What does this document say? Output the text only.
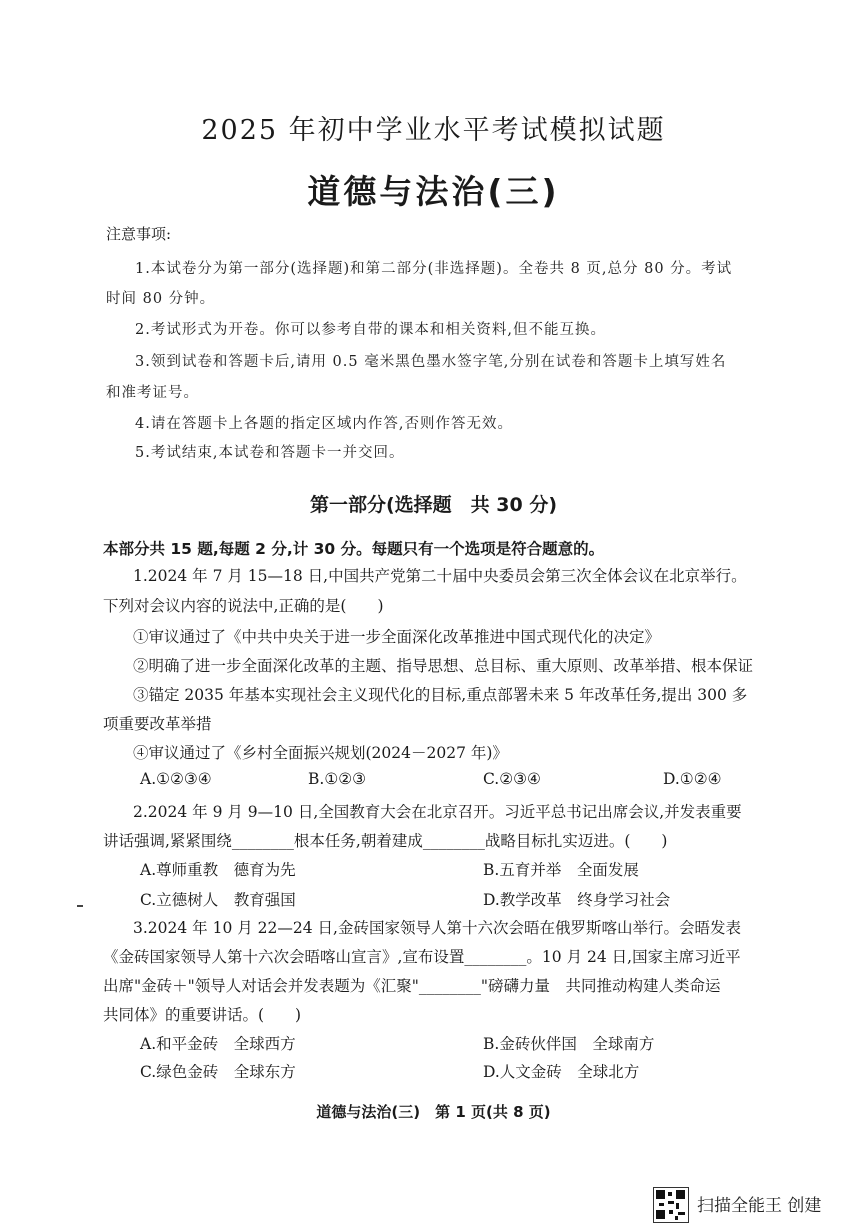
2025 年初中学业水平考试模拟试题
道德与法治(三)
注意事项:
1.本试卷分为第一部分(选择题)和第二部分(非选择题)。全卷共 8 页,总分 80 分。考试
时间 80 分钟。
2.考试形式为开卷。你可以参考自带的课本和相关资料,但不能互换。
3.领到试卷和答题卡后,请用 0.5 毫米黑色墨水签字笔,分别在试卷和答题卡上填写姓名
和准考证号。
4.请在答题卡上各题的指定区域内作答,否则作答无效。
5.考试结束,本试卷和答题卡一并交回。
第一部分(选择题　共 30 分)
本部分共 15 题,每题 2 分,计 30 分。每题只有一个选项是符合题意的。
1.2024 年 7 月 15—18 日,中国共产党第二十届中央委员会第三次全体会议在北京举行。
下列对会议内容的说法中,正确的是(　　)
①审议通过了《中共中央关于进一步全面深化改革推进中国式现代化的决定》
②明确了进一步全面深化改革的主题、指导思想、总目标、重大原则、改革举措、根本保证
③锚定 2035 年基本实现社会主义现代化的目标,重点部署未来 5 年改革任务,提出 300 多
项重要改革举措
④审议通过了《乡村全面振兴规划(2024－2027 年)》
A.①②③④	B.①②③	C.②③④	D.①②④
2.2024 年 9 月 9—10 日,全国教育大会在北京召开。习近平总书记出席会议,并发表重要
讲话强调,紧紧围绕________根本任务,朝着建成________战略目标扎实迈进。(　　)
A.尊师重教　德育为先	B.五育并举　全面发展
C.立德树人　教育强国	D.教学改革　终身学习社会
3.2024 年 10 月 22—24 日,金砖国家领导人第十六次会晤在俄罗斯喀山举行。会晤发表
《金砖国家领导人第十六次会晤喀山宣言》,宣布设置________。10 月 24 日,国家主席习近平
出席"金砖＋"领导人对话会并发表题为《汇聚"________"磅礴力量　共同推动构建人类命运
共同体》的重要讲话。(　　)
A.和平金砖　全球西方	B.金砖伙伴国　全球南方
C.绿色金砖　全球东方	D.人文金砖　全球北方
道德与法治(三)　第 1 页(共 8 页)
扫描全能王 创建
